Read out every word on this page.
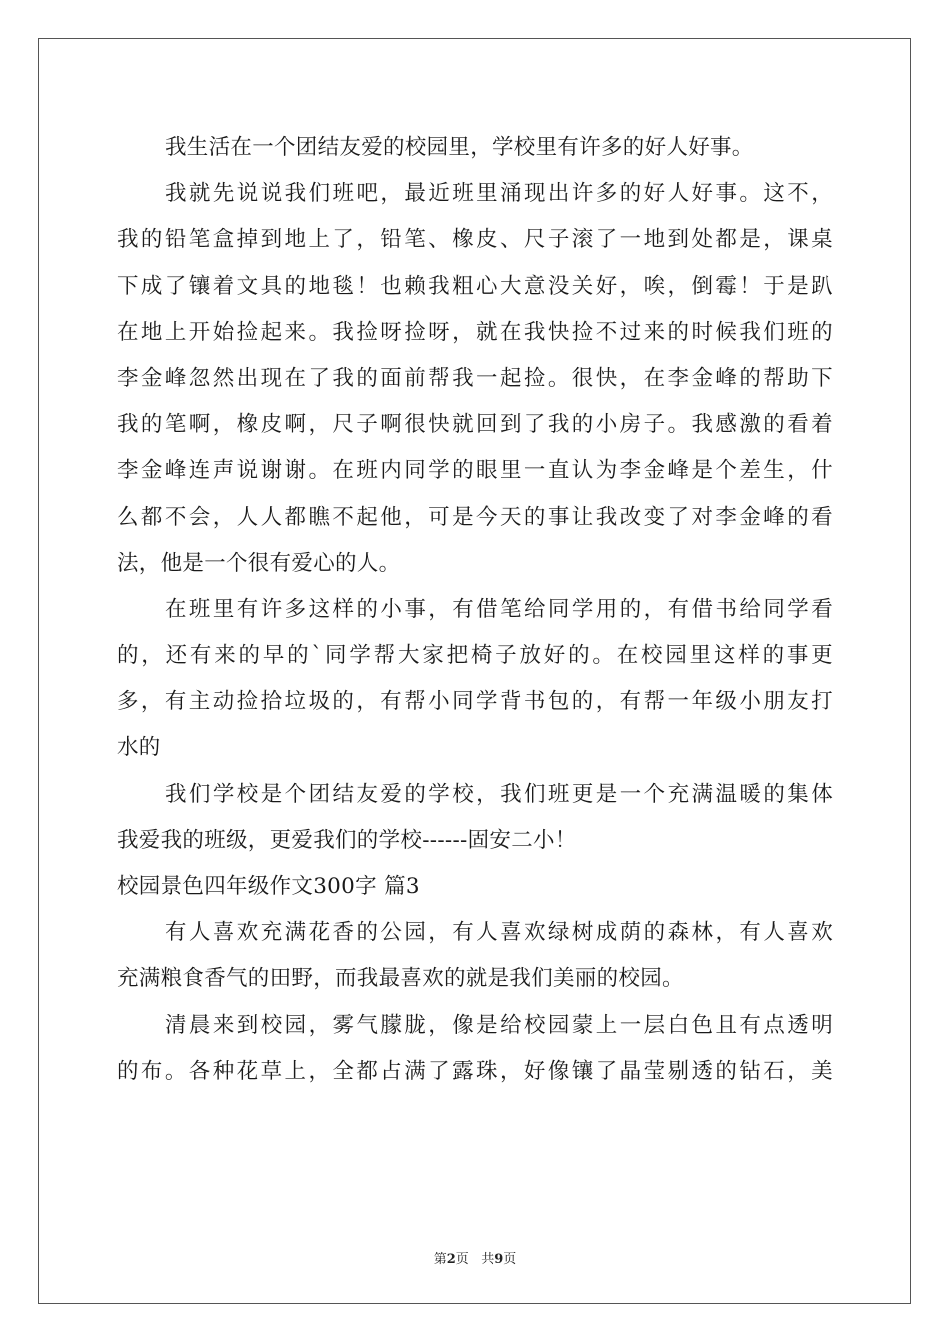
我生活在一个团结友爱的校园里，学校里有许多的好人好事。
我就先说说我们班吧，最近班里涌现出许多的好人好事。这不，
我的铅笔盒掉到地上了，铅笔、橡皮、尺子滚了一地到处都是，课桌
下成了镶着文具的地毯！也赖我粗心大意没关好，唉，倒霉！于是趴
在地上开始捡起来。我捡呀捡呀，就在我快捡不过来的时候我们班的
李金峰忽然出现在了我的面前帮我一起捡。很快，在李金峰的帮助下
我的笔啊，橡皮啊，尺子啊很快就回到了我的小房子。我感激的看着
李金峰连声说谢谢。在班内同学的眼里一直认为李金峰是个差生，什
么都不会，人人都瞧不起他，可是今天的事让我改变了对李金峰的看
法，他是一个很有爱心的人。
在班里有许多这样的小事，有借笔给同学用的，有借书给同学看
的，还有来的早的`同学帮大家把椅子放好的。在校园里这样的事更
多，有主动捡拾垃圾的，有帮小同学背书包的，有帮一年级小朋友打
水的
我们学校是个团结友爱的学校，我们班更是一个充满温暖的集体
我爱我的班级，更爱我们的学校------固安二小！
校园景色四年级作文300字 篇3
有人喜欢充满花香的公园，有人喜欢绿树成荫的森林，有人喜欢
充满粮食香气的田野，而我最喜欢的就是我们美丽的校园。
清晨来到校园，雾气朦胧，像是给校园蒙上一层白色且有点透明
的布。各种花草上，全都占满了露珠，好像镶了晶莹剔透的钻石，美
第2页 共9页
